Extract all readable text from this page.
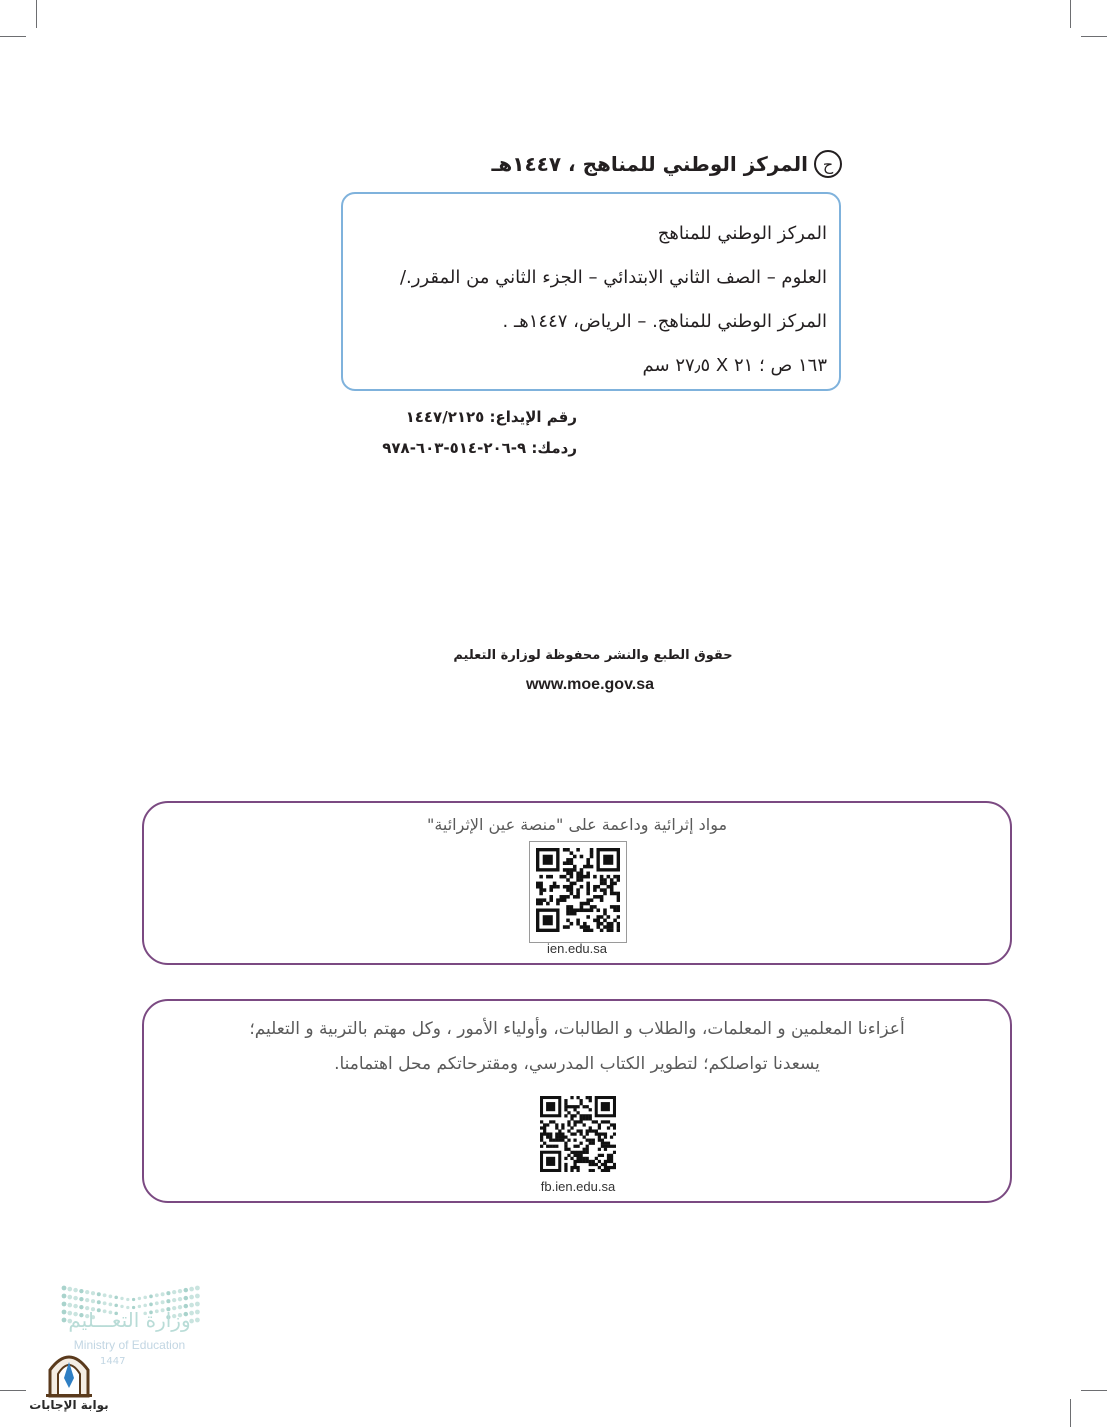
ح
المركز الوطني للمناهج ، ١٤٤٧هـ
المركز الوطني للمناهج
العلوم – الصف الثاني الابتدائي – الجزء الثاني من المقرر./
المركز الوطني للمناهج. – الرياض، ١٤٤٧هـ .
١٦٣ ص ؛ ٢١ X ٢٧٫٥ سم
رقم الإيداع: ١٤٤٧/٢١٢٥
ردمك: ٩-٢٠٦-٥١٤-٦٠٣-٩٧٨
حقوق الطبع والنشر محفوظة لوزارة التعليم
www.moe.gov.sa
مواد إثرائية وداعمة على "منصة عين الإثرائية"
ien.edu.sa
أعزاءنا المعلمين و المعلمات، والطلاب و الطالبات، وأولياء الأمور ، وكل مهتم بالتربية و التعليم؛
يسعدنا تواصلكم؛ لتطوير الكتاب المدرسي، ومقترحاتكم محل اهتمامنا.
fb.ien.edu.sa
وزارة التعـــليم
Ministry of Education
1447
بوابة الإجابات
